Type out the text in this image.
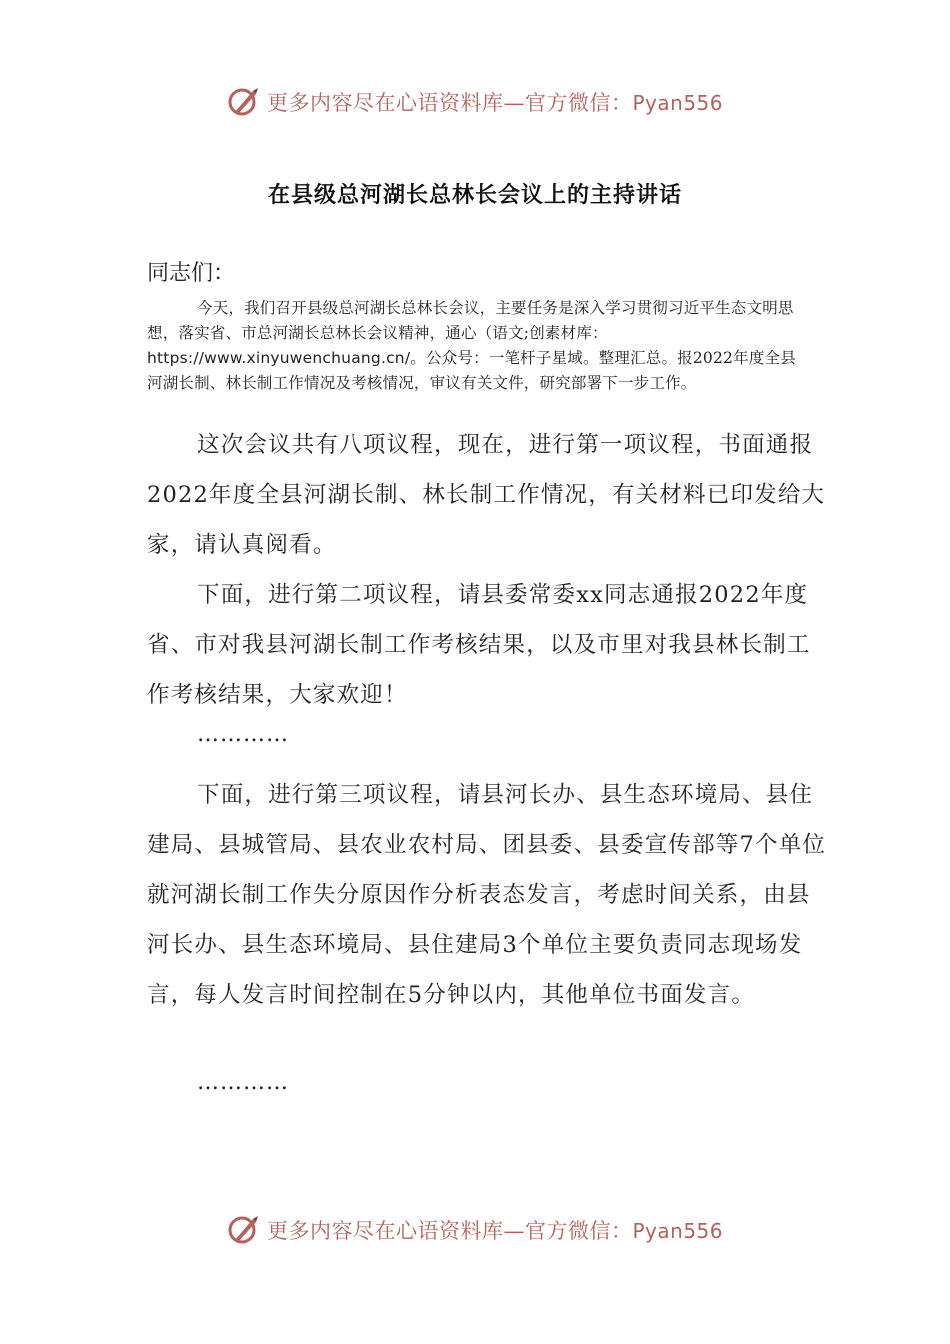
更多内容尽在心语资料库—官方微信：Pyan556
在县级总河湖长总林长会议上的主持讲话
同志们：
今天，我们召开县级总河湖长总林长会议，主要任务是深入学习贯彻习近平生态文明思想，落实省、市总河湖长总林长会议精神，通心（语文;创素材库：https://www.xinyuwenchuang.cn/。公众号：一笔杆子星域。整理汇总。报2022年度全县河湖长制、林长制工作情况及考核情况，审议有关文件，研究部署下一步工作。
这次会议共有八项议程，现在，进行第一项议程，书面通报2022年度全县河湖长制、林长制工作情况，有关材料已印发给大家，请认真阅看。
下面，进行第二项议程，请县委常委xx同志通报2022年度省、市对我县河湖长制工作考核结果，以及市里对我县林长制工作考核结果，大家欢迎！
…………
下面，进行第三项议程，请县河长办、县生态环境局、县住建局、县城管局、县农业农村局、团县委、县委宣传部等7个单位就河湖长制工作失分原因作分析表态发言，考虑时间关系，由县河长办、县生态环境局、县住建局3个单位主要负责同志现场发言，每人发言时间控制在5分钟以内，其他单位书面发言。
…………
更多内容尽在心语资料库—官方微信：Pyan556
